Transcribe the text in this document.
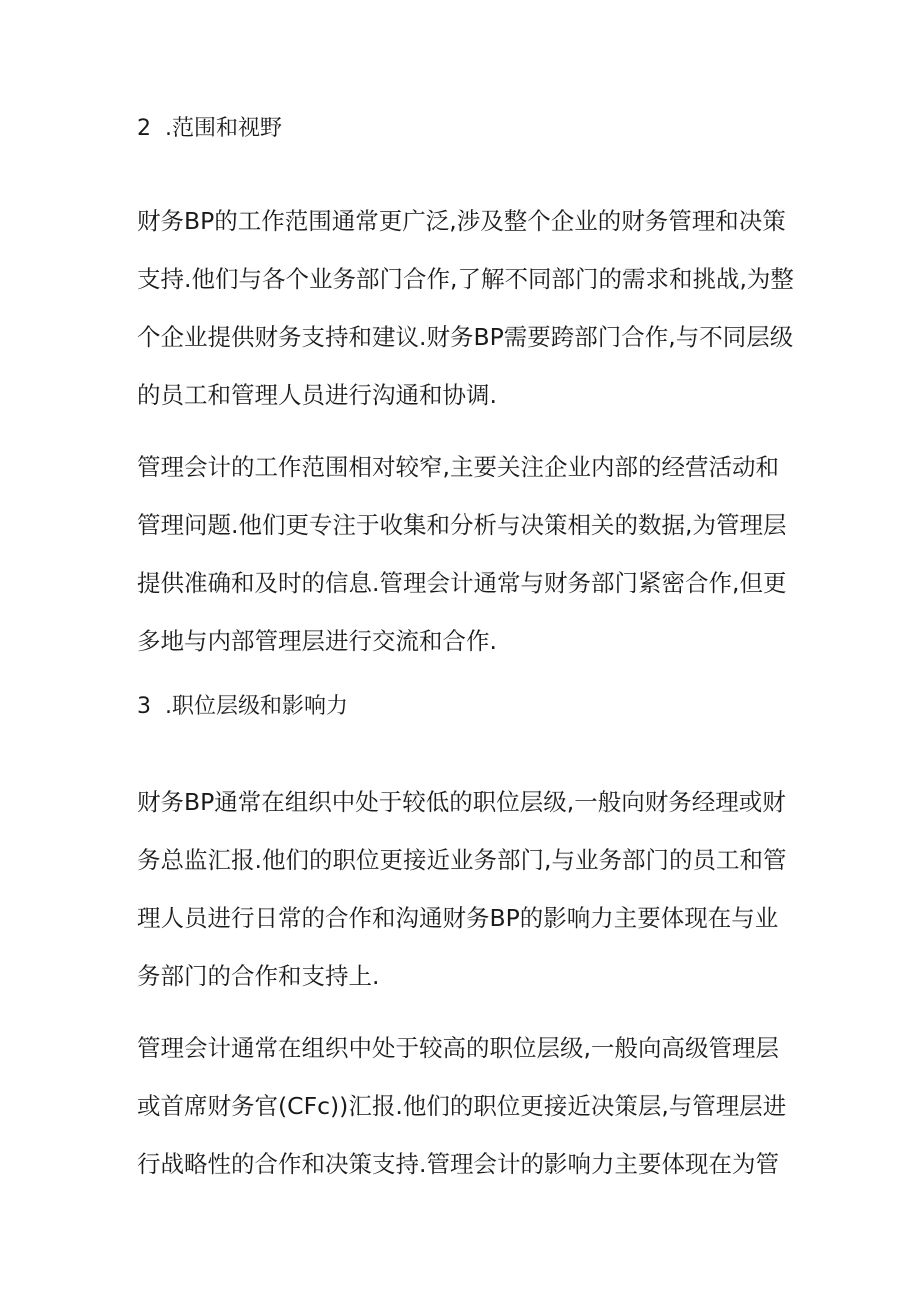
2 .范围和视野

财务BP的工作范围通常更广泛,涉及整个企业的财务管理和决策
支持.他们与各个业务部门合作,了解不同部门的需求和挑战,为整
个企业提供财务支持和建议.财务BP需要跨部门合作,与不同层级
的员工和管理人员进行沟通和协调.

管理会计的工作范围相对较窄,主要关注企业内部的经营活动和
管理问题.他们更专注于收集和分析与决策相关的数据,为管理层
提供准确和及时的信息.管理会计通常与财务部门紧密合作,但更
多地与内部管理层进行交流和合作.

3 .职位层级和影响力

财务BP通常在组织中处于较低的职位层级,一般向财务经理或财
务总监汇报.他们的职位更接近业务部门,与业务部门的员工和管
理人员进行日常的合作和沟通财务BP的影响力主要体现在与业
务部门的合作和支持上.

管理会计通常在组织中处于较高的职位层级,一般向高级管理层
或首席财务官(CFc))汇报.他们的职位更接近决策层,与管理层进
行战略性的合作和决策支持.管理会计的影响力主要体现在为管
